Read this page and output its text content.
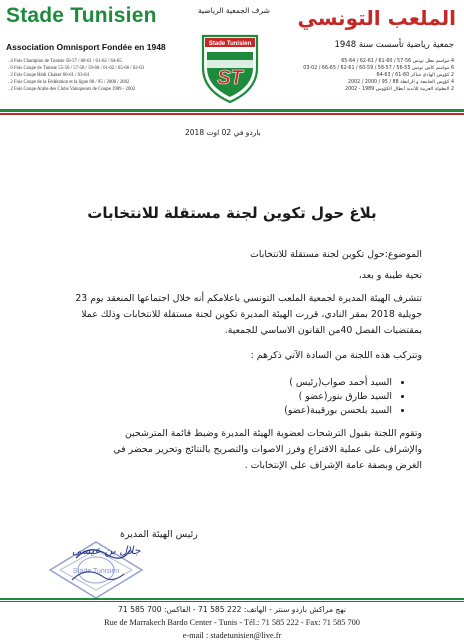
Stade Tunisien
Association Omnisport Fondée en 1948
شرف الجمعية الرياضية	الملعب التونسي
جمعية رياضية تأسست سنة 1948
. 4 Fois Champion de Tunisie 56-57 / 60-61 / 61-62 / 64-65
. 6 Fois Coupe de Tunisie 55-56 / 57-58 / 59-60 / 61-62 / 65-66 / 02-03
. 2 Fois Coupe Hédi Chaker 60-61 / 63-64
. 2 Fois Coupe de la Fédération et la ligue 88 / 95 / 2000 / 2002
. 2 Fois Coupe Arabe des Clubs Vainqueurs de Coupe 1989 - 2002
4 مواسم بطل تونس 56-57 / 60-61 / 61-62 / 64-65
6 مواسم كأس تونس 55-56 / 57-58 / 59-60 / 61-62 / 65-66 / 02-03
2 كؤوس الهادي شاكر 60-61 / 63-64
4 كؤوس الجامعة و الرابطة 88 / 95 / 2000 / 2002
2 البطولة العربية للأندية أبطال الكؤوس 1989 - 2002
Stade Tunisien
ST
باردو في 02 اوت 2018
بلاغ حول تكوين لجنة مستقلة للانتخابات
الموضوع:حول تكوين لجنة مستقلة للانتخابات
تحية طيبة و بعد،
تتشرف الهيئة المديرة لجمعية الملعب التونسي باعلامكم أنه خلال اجتماعها المنعقد يوم 23
جويلية 2018 بمقر النادي، قررت الهيئة المديرة تكوين لجنة مستقلة للانتخابات وذلك عملا
بمقتضيات الفصل 40من القانون الاساسي للجمعية.
وتتركب هذه اللجنة من السادة الآتي ذكرهم :
• السيد أحمد صواب(رئيس )
• السيد طارق بنور(عضو )
• السيد بلحسن بورقيبة(عضو)
وتقوم اللجنة بقبول الترشحات لعضوية الهيئة المديرة وضبط قائمة المترشحين
والإشراف على عملية الاقتراع وفرز الاصوات والتصريح بالنتائج وتحرير محضر في
الغرض وبصفة عامة الإشراف على الإنتخابات .
Stade Tunisien
رئيس الهيئة المديرة
جلال بن عيسى
نهج مراكش باردو سنتر - الهاتف: 222 585 71 - الفاكس: 700 585 71
Rue de Marrakech Bardo Center - Tunis - Tél.: 71 585 222 - Fax: 71 585 700
e-mail : stadetunisien@live.fr
